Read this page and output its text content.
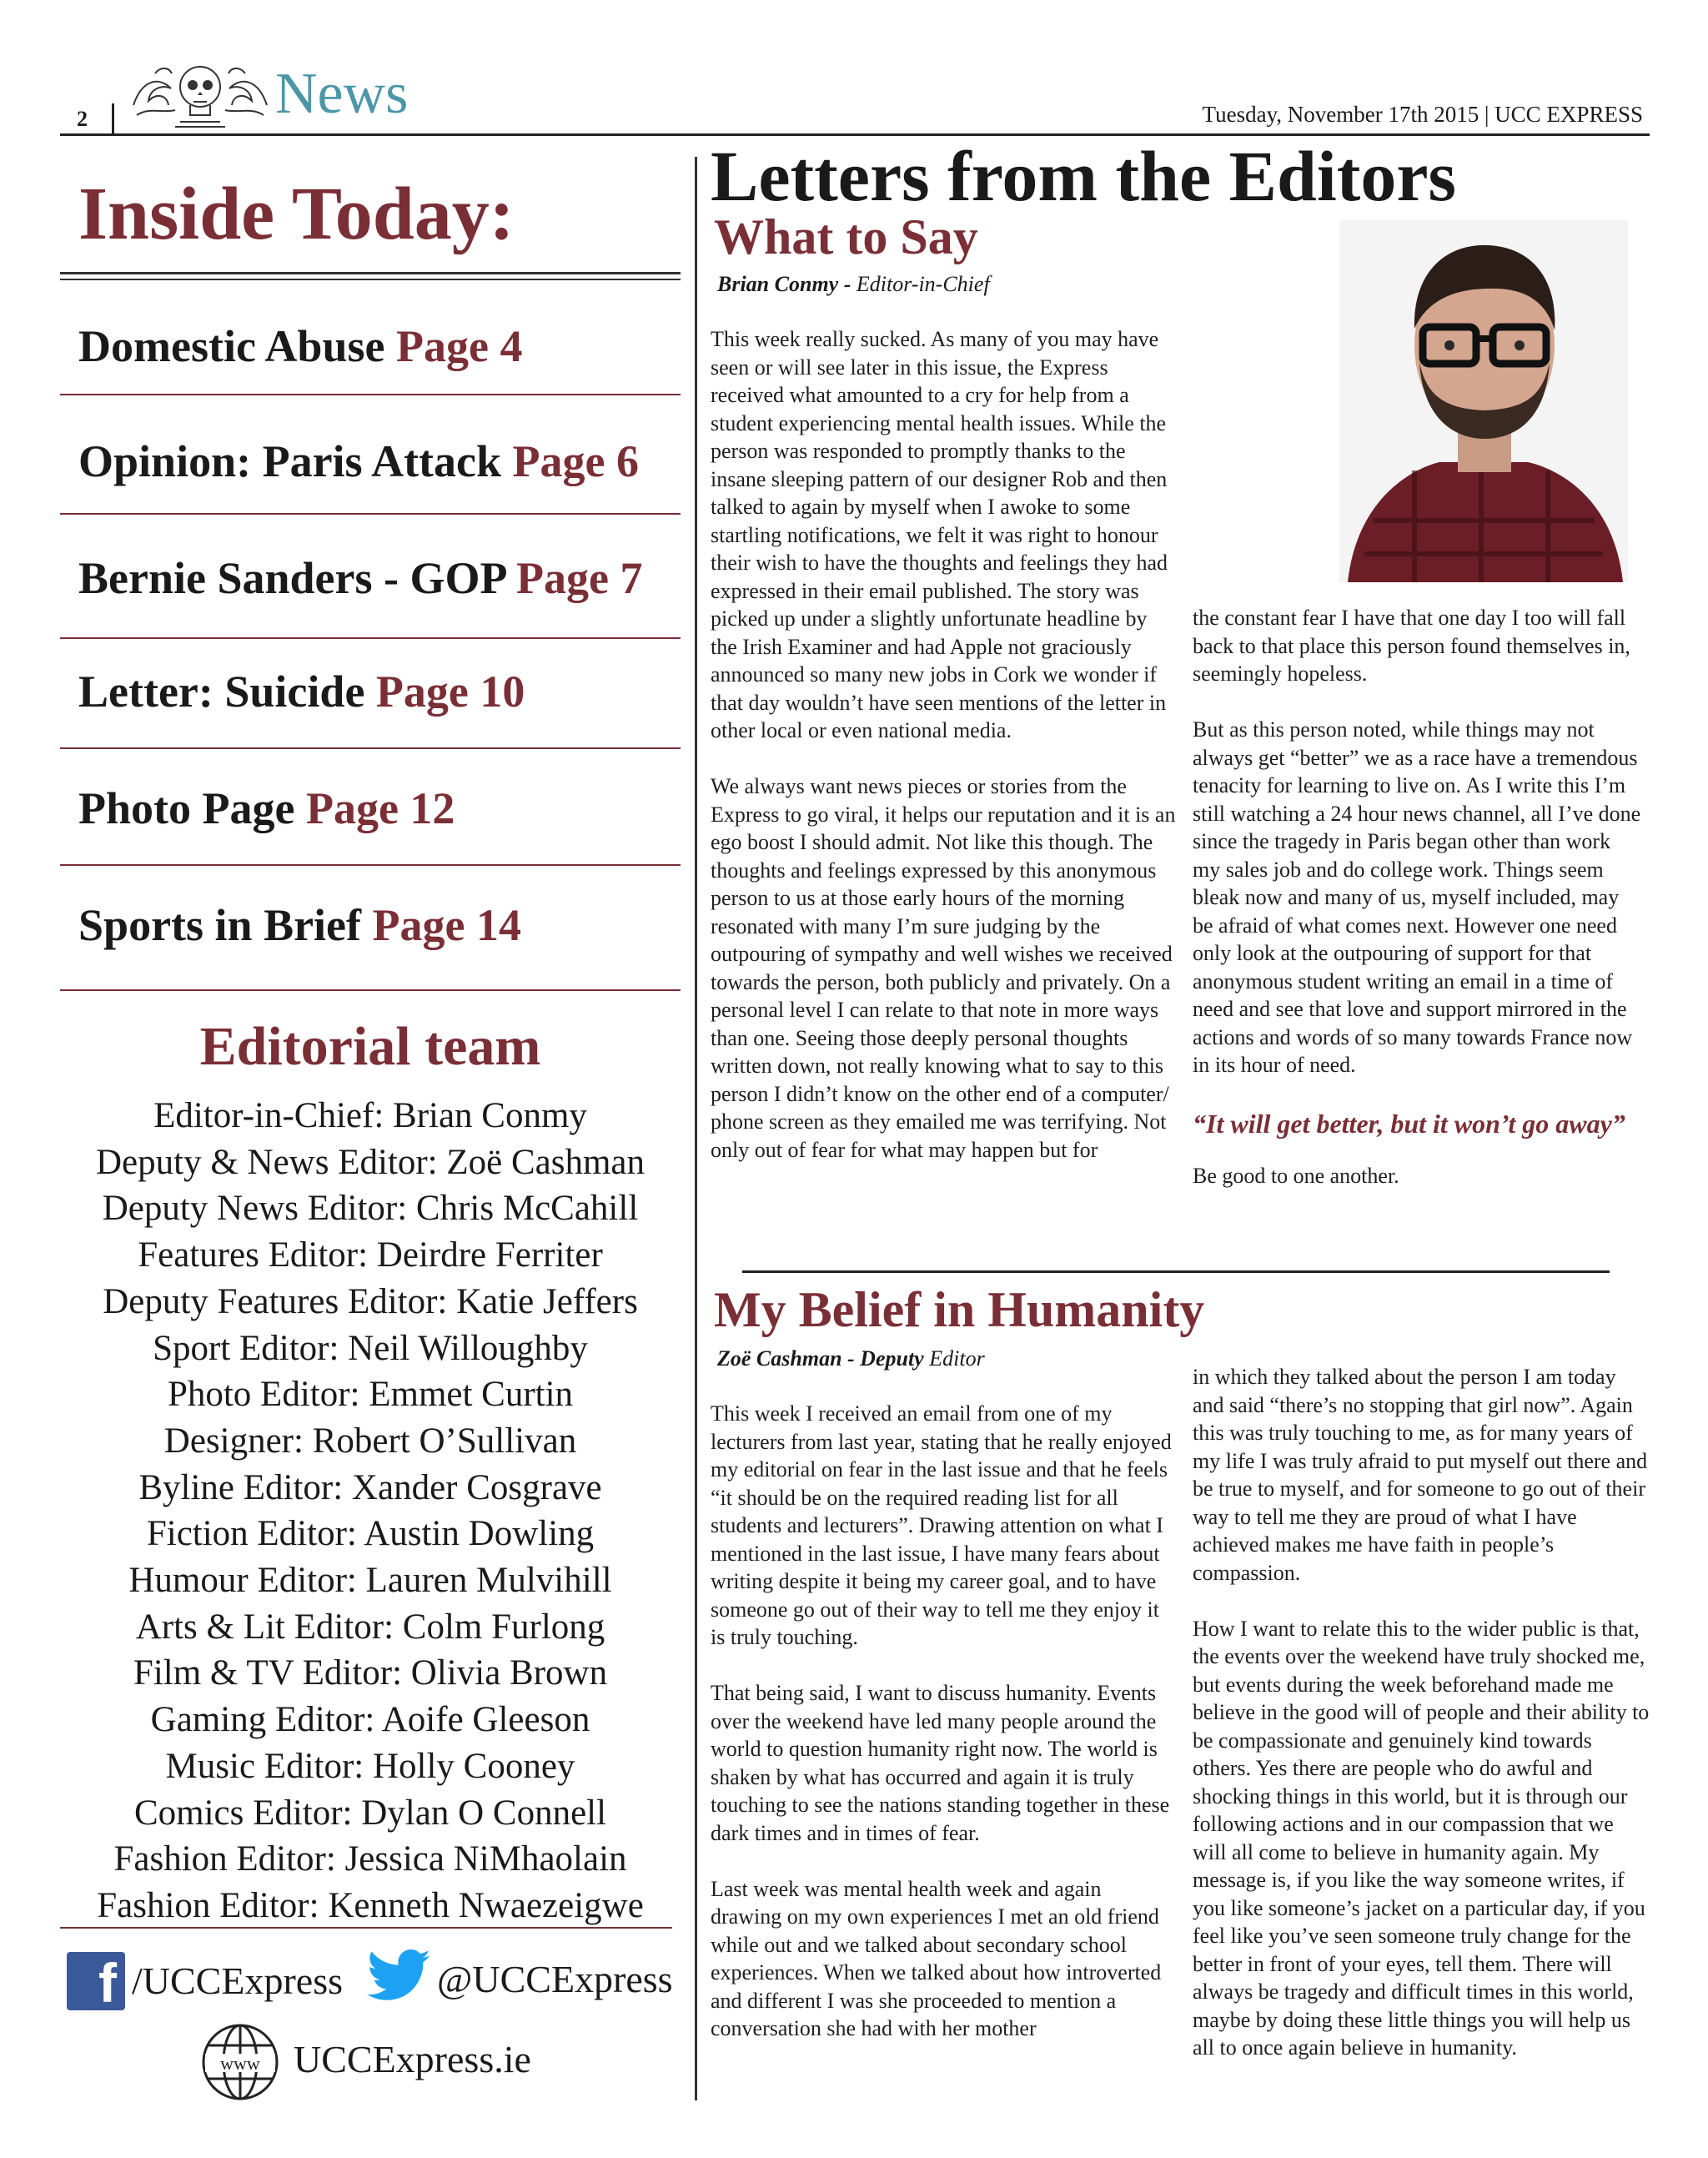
2	News	Tuesday, November 17th 2015 | UCC EXPRESS
Inside Today:
Domestic Abuse Page 4
Opinion: Paris Attack Page 6
Bernie Sanders - GOP Page 7
Letter: Suicide Page 10
Photo Page Page 12
Sports in Brief Page 14
Editorial team
Editor-in-Chief: Brian Conmy
Deputy & News Editor: Zoë Cashman
Deputy News Editor: Chris McCahill
Features Editor: Deirdre Ferriter
Deputy Features Editor: Katie Jeffers
Sport Editor: Neil Willoughby
Photo Editor: Emmet Curtin
Designer: Robert O’Sullivan
Byline Editor: Xander Cosgrave
Fiction Editor: Austin Dowling
Humour Editor: Lauren Mulvihill
Arts & Lit Editor: Colm Furlong
Film & TV Editor: Olivia Brown
Gaming Editor: Aoife Gleeson
Music Editor: Holly Cooney
Comics Editor: Dylan O Connell
Fashion Editor: Jessica NiMhaolain
Fashion Editor: Kenneth Nwaezeigwe
f /UCCExpress @UCCExpress
www UCCExpress.ie
Letters from the Editors
What to Say
Brian Conmy - Editor-in-Chief

This week really sucked. As many of you may have seen or will see later in this issue, the Express received what amounted to a cry for help from a student experiencing mental health issues. While the person was responded to promptly thanks to the insane sleeping pattern of our designer Rob and then talked to again by myself when I awoke to some startling notifications, we felt it was right to honour their wish to have the thoughts and feelings they had expressed in their email published. The story was picked up under a slightly unfortunate headline by the Irish Examiner and had Apple not graciously announced so many new jobs in Cork we wonder if that day wouldn’t have seen mentions of the letter in other local or even national media.

We always want news pieces or stories from the Express to go viral, it helps our reputation and it is an ego boost I should admit. Not like this though. The thoughts and feelings expressed by this anonymous person to us at those early hours of the morning resonated with many I’m sure judging by the outpouring of sympathy and well wishes we received towards the person, both publicly and privately. On a personal level I can relate to that note in more ways than one. Seeing those deeply personal thoughts written down, not really knowing what to say to this person I didn’t know on the other end of a computer/ phone screen as they emailed me was terrifying. Not only out of fear for what may happen but for

the constant fear I have that one day I too will fall back to that place this person found themselves in, seemingly hopeless.

But as this person noted, while things may not always get “better” we as a race have a tremendous tenacity for learning to live on. As I write this I’m still watching a 24 hour news channel, all I’ve done since the tragedy in Paris began other than work my sales job and do college work. Things seem bleak now and many of us, myself included, may be afraid of what comes next. However one need only look at the outpouring of support for that anonymous student writing an email in a time of need and see that love and support mirrored in the actions and words of so many towards France now in its hour of need.

“It will get better, but it won’t go away”

Be good to one another.

My Belief in Humanity
Zoë Cashman - Deputy Editor

This week I received an email from one of my lecturers from last year, stating that he really enjoyed my editorial on fear in the last issue and that he feels “it should be on the required reading list for all students and lecturers”. Drawing attention on what I mentioned in the last issue, I have many fears about writing despite it being my career goal, and to have someone go out of their way to tell me they enjoy it is truly touching.

That being said, I want to discuss humanity. Events over the weekend have led many people around the world to question humanity right now. The world is shaken by what has occurred and again it is truly touching to see the nations standing together in these dark times and in times of fear.

Last week was mental health week and again drawing on my own experiences I met an old friend while out and we talked about secondary school experiences. When we talked about how introverted and different I was she proceeded to mention a conversation she had with her mother

in which they talked about the person I am today and said “there’s no stopping that girl now”. Again this was truly touching to me, as for many years of my life I was truly afraid to put myself out there and be true to myself, and for someone to go out of their way to tell me they are proud of what I have achieved makes me have faith in people’s compassion.

How I want to relate this to the wider public is that, the events over the weekend have truly shocked me, but events during the week beforehand made me believe in the good will of people and their ability to be compassionate and genuinely kind towards others. Yes there are people who do awful and shocking things in this world, but it is through our following actions and in our compassion that we will all come to believe in humanity again. My message is, if you like the way someone writes, if you like someone’s jacket on a particular day, if you feel like you’ve seen someone truly change for the better in front of your eyes, tell them. There will always be tragedy and difficult times in this world, maybe by doing these little things you will help us all to once again believe in humanity.
